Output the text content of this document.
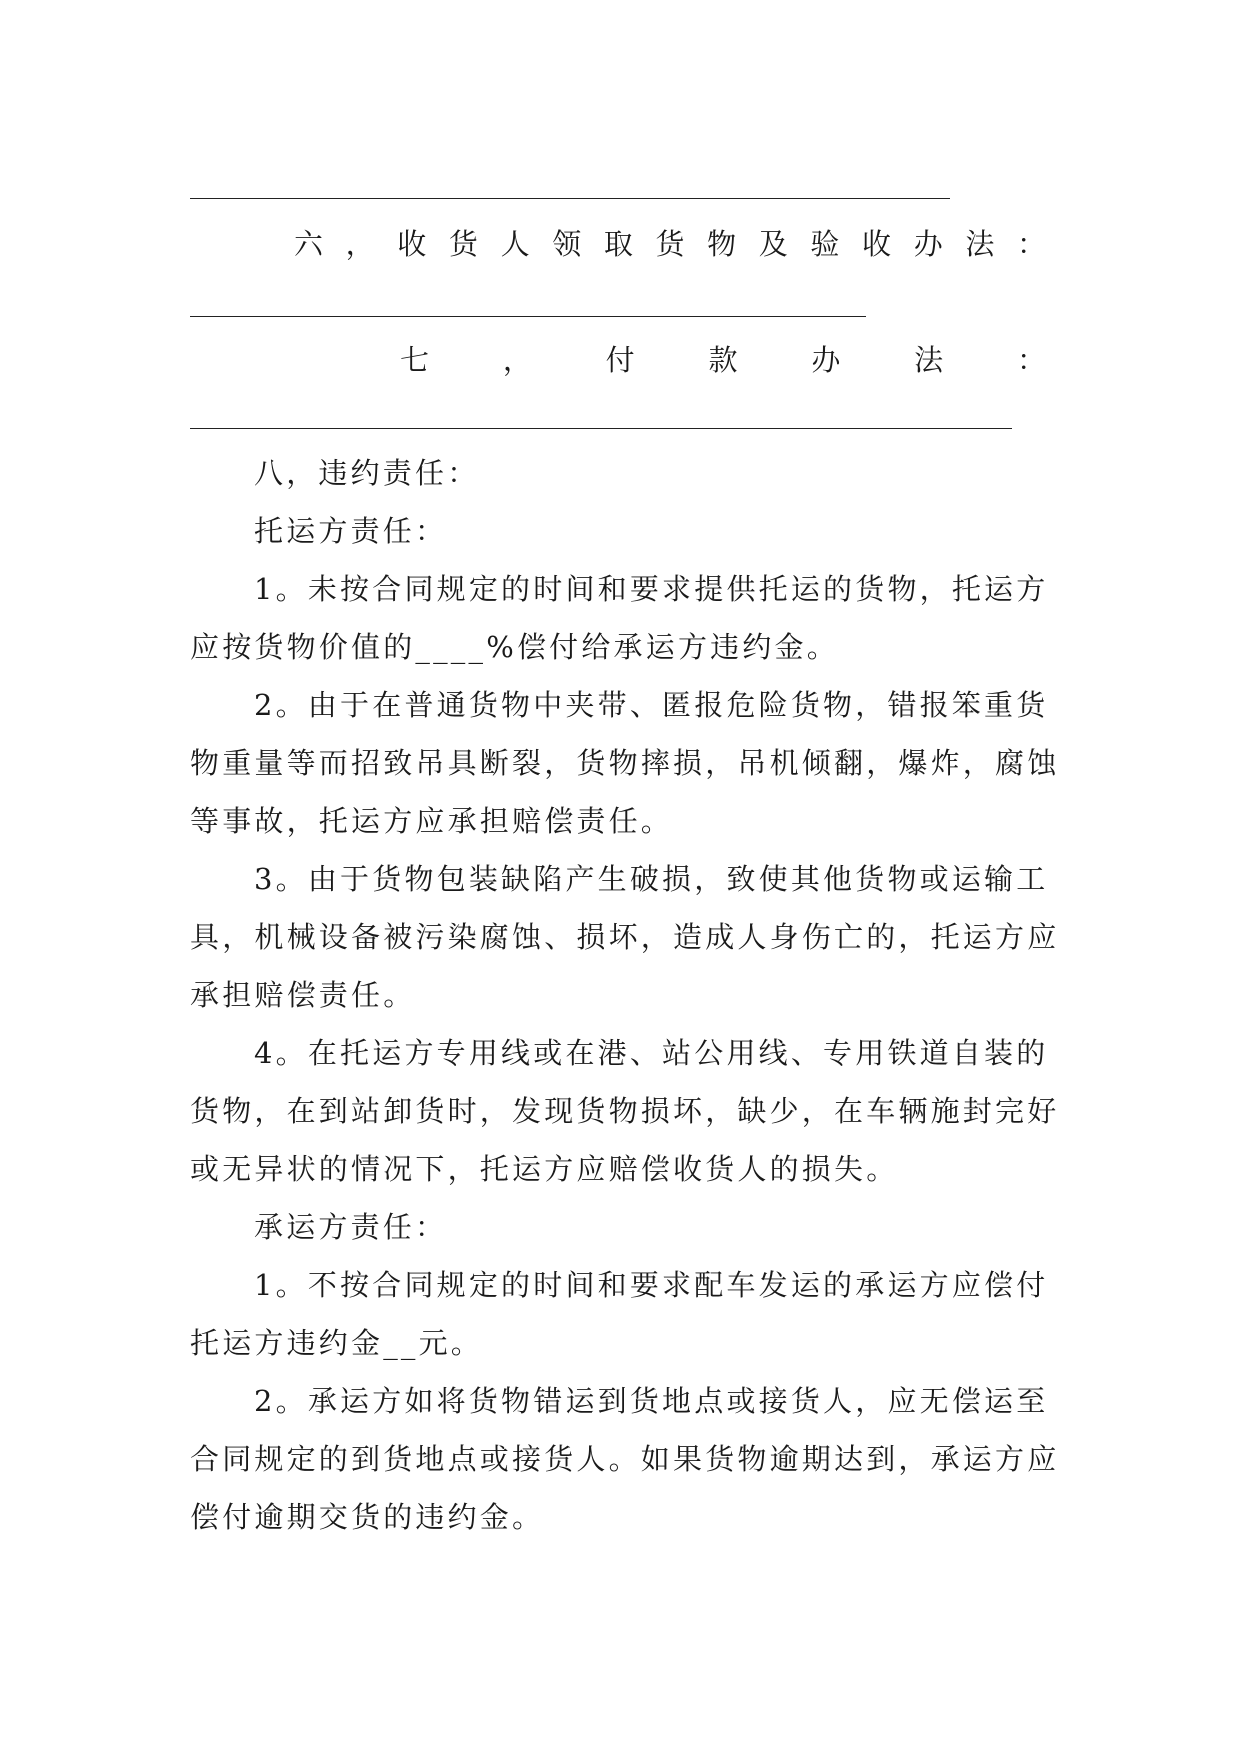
六 ， 收 货 人 领 取 货 物 及 验 收 办 法 ：
七	，	付	款	办	法	：

八，违约责任：

托运方责任：

1。未按合同规定的时间和要求提供托运的货物，托运方应按货物价值的____%偿付给承运方违约金。

2。由于在普通货物中夹带、匿报危险货物，错报笨重货物重量等而招致吊具断裂，货物摔损，吊机倾翻，爆炸，腐蚀等事故，托运方应承担赔偿责任。

3。由于货物包装缺陷产生破损，致使其他货物或运输工具，机械设备被污染腐蚀、损坏，造成人身伤亡的，托运方应承担赔偿责任。

4。在托运方专用线或在港、站公用线、专用铁道自装的货物，在到站卸货时，发现货物损坏，缺少，在车辆施封完好或无异状的情况下，托运方应赔偿收货人的损失。

承运方责任：

1。不按合同规定的时间和要求配车发运的承运方应偿付托运方违约金__元。

2。承运方如将货物错运到货地点或接货人，应无偿运至合同规定的到货地点或接货人。如果货物逾期达到，承运方应偿付逾期交货的违约金。
